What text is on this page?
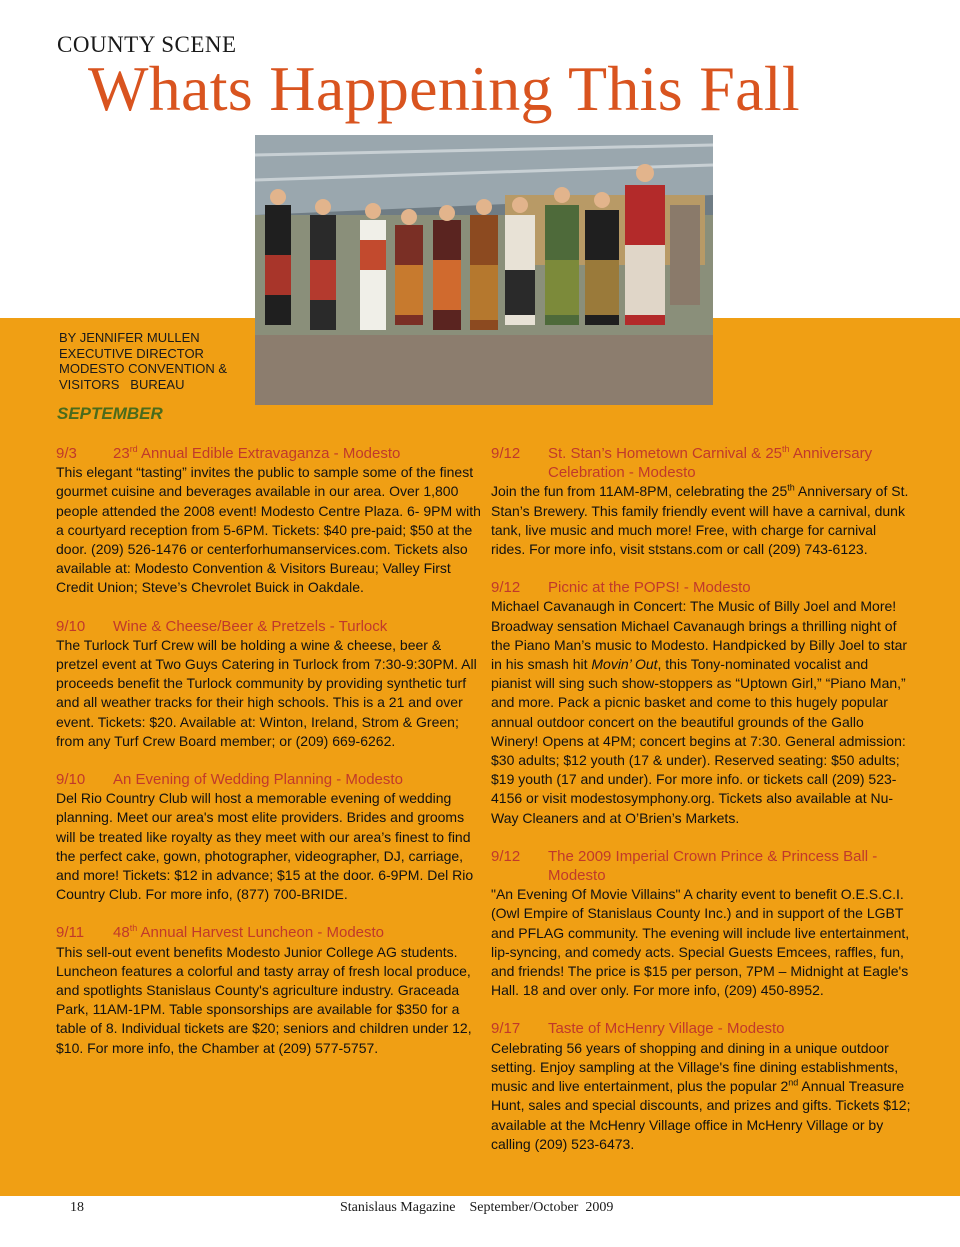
COUNTY SCENE
Whats Happening This Fall
BY JENNIFER MULLEN
EXECUTIVE DIRECTOR
MODESTO CONVENTION &
VISITORS   BUREAU
SEPTEMBER
9/3	23rd Annual Edible Extravaganza - Modesto
This elegant “tasting” invites the public to sample some of the finest gourmet cuisine and beverages available in our area. Over 1,800 people attended the 2008 event! Modesto Centre Plaza. 6- 9PM with a courtyard reception from 5-6PM. Tickets: $40 pre-paid; $50 at the door. (209) 526-1476 or centerforhumanservices.com. Tickets also available at: Modesto Convention & Visitors Bureau; Valley First Credit Union; Steve’s Chevrolet Buick in Oakdale.
9/10	Wine & Cheese/Beer & Pretzels - Turlock
The Turlock Turf Crew will be holding a wine & cheese, beer & pretzel event at Two Guys Catering in Turlock from 7:30-9:30PM. All proceeds benefit the Turlock community by providing synthetic turf and all weather tracks for their high schools. This is a 21 and over event. Tickets: $20. Available at: Winton, Ireland, Strom & Green; from any Turf Crew Board member; or (209) 669-6262.
9/10	An Evening of Wedding Planning - Modesto
Del Rio Country Club will host a memorable evening of wedding planning. Meet our area's most elite providers. Brides and grooms will be treated like royalty as they meet with our area’s finest to find the perfect cake, gown, photographer, videographer, DJ, carriage, and more! Tickets: $12 in advance; $15 at the door. 6-9PM. Del Rio Country Club. For more info, (877) 700-BRIDE.
9/11	48th Annual Harvest Luncheon - Modesto
This sell-out event benefits Modesto Junior College AG students. Luncheon features a colorful and tasty array of fresh local produce, and spotlights Stanislaus County's agriculture industry. Graceada Park, 11AM-1PM. Table sponsorships are available for $350 for a table of 8. Individual tickets are $20; seniors and children under 12, $10. For more info, the Chamber at (209) 577-5757.
9/12	St. Stan’s Hometown Carnival & 25th Anniversary Celebration - Modesto
Join the fun from 11AM-8PM, celebrating the 25th Anniversary of St. Stan’s Brewery. This family friendly event will have a carnival, dunk tank, live music and much more! Free, with charge for carnival rides. For more info, visit ststans.com or call (209) 743-6123.
9/12	Picnic at the POPS! - Modesto
Michael Cavanaugh in Concert: The Music of Billy Joel and More! Broadway sensation Michael Cavanaugh brings a thrilling night of the Piano Man’s music to Modesto. Handpicked by Billy Joel to star in his smash hit Movin’ Out, this Tony-nominated vocalist and pianist will sing such show-stoppers as “Uptown Girl,” “Piano Man,” and more. Pack a picnic basket and come to this hugely popular annual outdoor concert on the beautiful grounds of the Gallo Winery! Opens at 4PM; concert begins at 7:30. General admission: $30 adults; $12 youth (17 & under). Reserved seating: $50 adults; $19 youth (17 and under). For more info. or tickets call (209) 523-4156 or visit modestosymphony.org. Tickets also available at Nu-Way Cleaners and at O’Brien’s Markets.
9/12	The 2009 Imperial Crown Prince & Princess Ball - Modesto
"An Evening Of Movie Villains" A charity event to benefit O.E.S.C.I. (Owl Empire of Stanislaus County Inc.) and in support of the LGBT and PFLAG community. The evening will include live entertainment, lip-syncing, and comedy acts. Special Guests Emcees, raffles, fun, and friends! The price is $15 per person, 7PM – Midnight at Eagle's Hall. 18 and over only. For more info, (209) 450-8952.
9/17	Taste of McHenry Village - Modesto
Celebrating 56 years of shopping and dining in a unique outdoor setting. Enjoy sampling at the Village's fine dining establishments, music and live entertainment, plus the popular 2nd Annual Treasure Hunt, sales and special discounts, and prizes and gifts. Tickets $12; available at the McHenry Village office in McHenry Village or by calling (209) 523-6473.
18	Stanislaus Magazine    September/October  2009
